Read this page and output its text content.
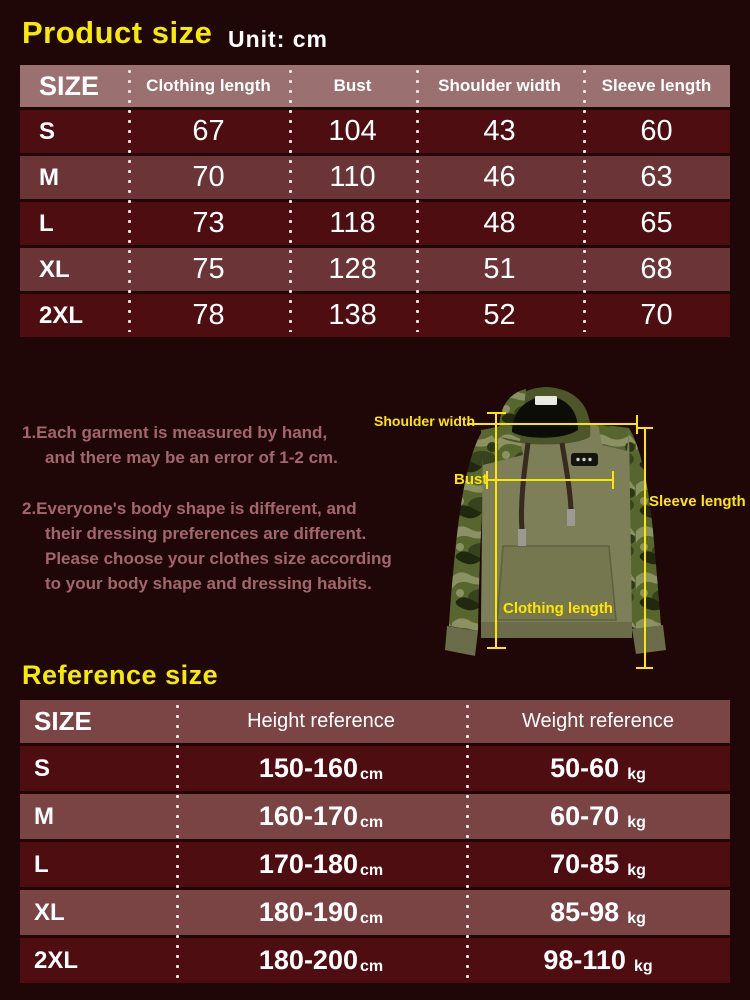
Product size Unit: cm
SIZE	Clothing length	Bust	Shoulder width	Sleeve length
S	67	104	43	60
M	70	110	46	63
L	73	118	48	65
XL	75	128	51	68
2XL	78	138	52	70
1.Each garment is measured by hand,
and there may be an error of 1-2 cm.
2.Everyone's body shape is different, and
their dressing preferences are different.
Please choose your clothes size according
to your body shape and dressing habits.
Shoulder width
Bust
Sleeve length
Clothing length
Reference size
SIZE	Height reference	Weight reference
S	150-160 cm	50-60 kg
M	160-170 cm	60-70 kg
L	170-180 cm	70-85 kg
XL	180-190 cm	85-98 kg
2XL	180-200 cm	98-110 kg
